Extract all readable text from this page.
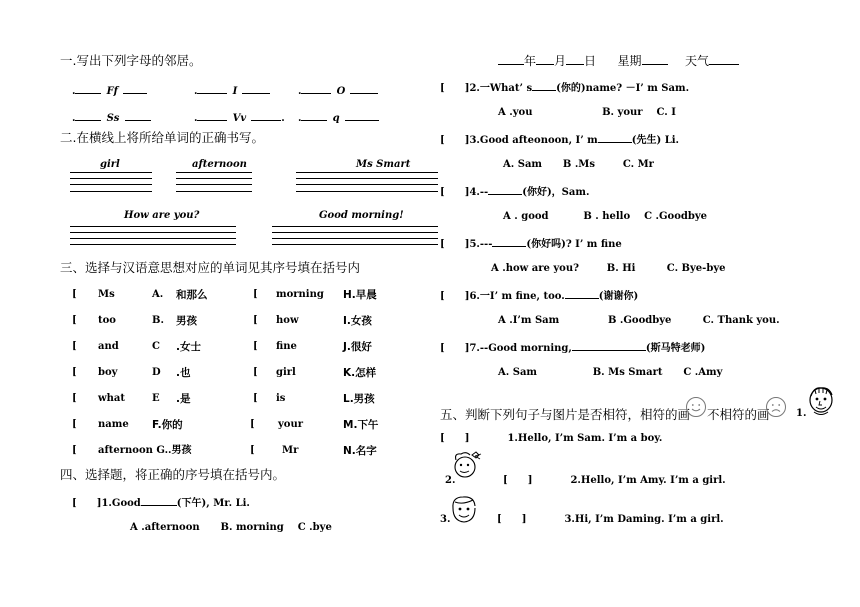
一.写出下列字母的邻居。
.	Ff	.	I	.	O
.	Ss	.	Vv	. .	q
二.在横线上将所给单词的正确书写。
girl	afternoon	Ms Smart
How are you?	Good morning!
三、选择与汉语意思想对应的单词见其序号填在括号内
[ Ms	A. 和那么	[ morning H.早晨
[ too	B. 男孩	[ how	I.女孩
[ and	C .女士	[ fine	J.很好
[ boy	D .也	[ girl	K.怎样
[ what	E .是	[ is	L.男孩
[ name F.你的	[ your	M.下午
[ afternoon G..男孩	[	Mr	N.名字
四、选择题，将正确的序号填在括号内。
[ ]1.Good	(下午), Mr. Li.
A .afternoon      B. morning    C .bye
年 月 日 星期	天气
[ ]2.一What’ s (你的)name? －I’ m Sam.
A .you                    B. your    C. I
[ ]3.Good afteonoon, I’ m	(先生) Li.
A. Sam      B .Ms        C. Mr
[ ]4.--	(你好)，Sam.
A . good          B . hello    C .Goodbye
[ ]5.---	(你好吗)? I’ m fine
A .how are you?        B. Hi         C. Bye-bye
[ ]6.一I’ m fine, too.	(谢谢你)
A .I’m Sam              B .Goodbye         C. Thank you.
[ ]7.--Good morning,	(斯马特老师)
A. Sam                B. Ms Smart      C .Amy
五、判断下列句子与图片是否相符，相符的画 不相符的画	1.
[ ]	1.Hello, I’m Sam. I’m a boy.
2.	[ ]	2.Hello, I’m Amy. I’m a girl.
3.	[ ]	3.Hi, I’m Daming. I’m a girl.
